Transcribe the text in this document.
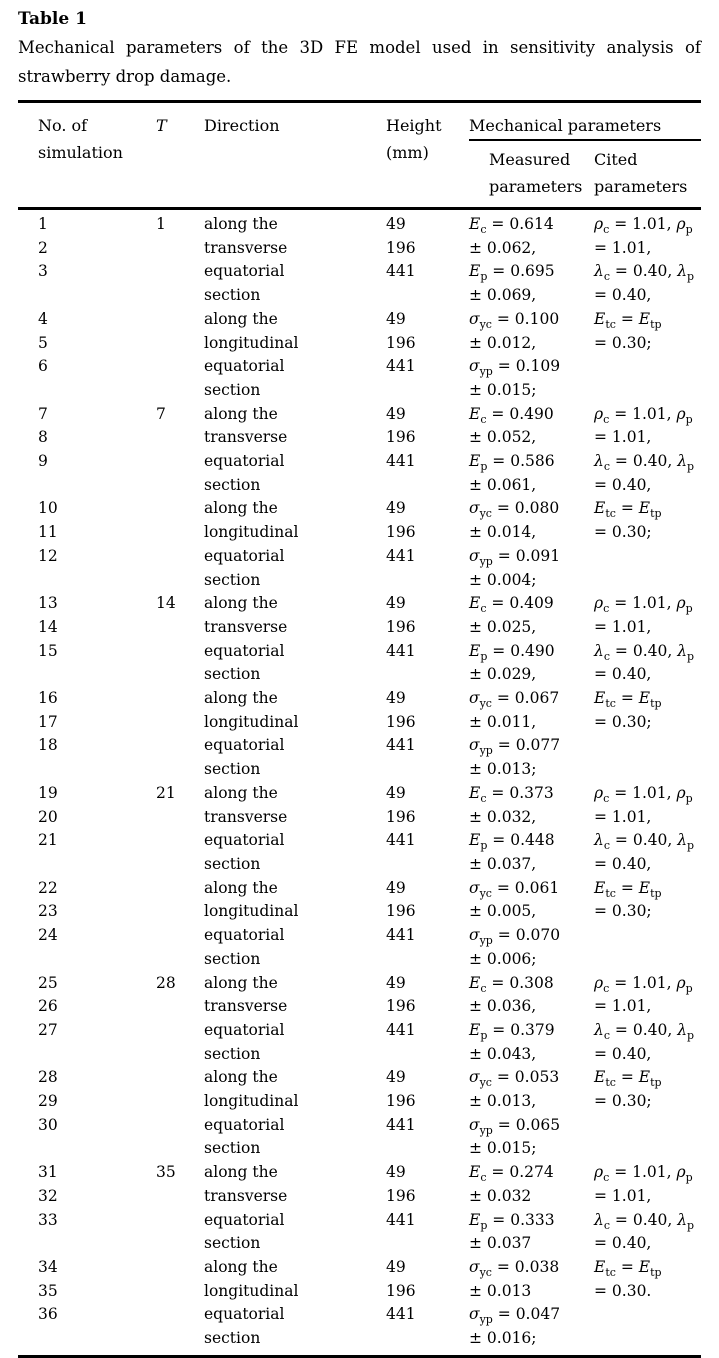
Table 1
Mechanical parameters of the 3D FE model used in sensitivity analysis of
strawberry drop damage.
No. of simulation	T	Direction	Height (mm)	Mechanical parameters	
				Measured parameters	Cited parameters
1	1	along the	49	$E_c = 0.614$	$\rho_c = 1.01$, $\rho_p$
2		transverse	196	± 0.062,	= 1.01,
3		equatorial	441	$E_p = 0.695$	$\lambda_c = 0.40$, $\lambda_p$
		section		± 0.069,	= 0.40,
4		along the	49	$\sigma_{yc} = 0.100$	$E_{tc} = E_{tp}$
5		longitudinal	196	± 0.012,	= 0.30;
6		equatorial	441	$\sigma_{yp} = 0.109$	
		section		± 0.015;	
7	7	along the	49	$E_c = 0.490$	$\rho_c = 1.01$, $\rho_p$
8		transverse	196	± 0.052,	= 1.01,
9		equatorial	441	$E_p = 0.586$	$\lambda_c = 0.40$, $\lambda_p$
		section		± 0.061,	= 0.40,
10		along the	49	$\sigma_{yc} = 0.080$	$E_{tc} = E_{tp}$
11		longitudinal	196	± 0.014,	= 0.30;
12		equatorial	441	$\sigma_{yp} = 0.091$	
		section		± 0.004;	
13	14	along the	49	$E_c = 0.409$	$\rho_c = 1.01$, $\rho_p$
14		transverse	196	± 0.025,	= 1.01,
15		equatorial	441	$E_p = 0.490$	$\lambda_c = 0.40$, $\lambda_p$
		section		± 0.029,	= 0.40,
16		along the	49	$\sigma_{yc} = 0.067$	$E_{tc} = E_{tp}$
17		longitudinal	196	± 0.011,	= 0.30;
18		equatorial	441	$\sigma_{yp} = 0.077$	
		section		± 0.013;	
19	21	along the	49	$E_c = 0.373$	$\rho_c = 1.01$, $\rho_p$
20		transverse	196	± 0.032,	= 1.01,
21		equatorial	441	$E_p = 0.448$	$\lambda_c = 0.40$, $\lambda_p$
		section		± 0.037,	= 0.40,
22		along the	49	$\sigma_{yc} = 0.061$	$E_{tc} = E_{tp}$
23		longitudinal	196	± 0.005,	= 0.30;
24		equatorial	441	$\sigma_{yp} = 0.070$	
		section		± 0.006;	
25	28	along the	49	$E_c = 0.308$	$\rho_c = 1.01$, $\rho_p$
26		transverse	196	± 0.036,	= 1.01,
27		equatorial	441	$E_p = 0.379$	$\lambda_c = 0.40$, $\lambda_p$
		section		± 0.043,	= 0.40,
28		along the	49	$\sigma_{yc} = 0.053$	$E_{tc} = E_{tp}$
29		longitudinal	196	± 0.013,	= 0.30;
30		equatorial	441	$\sigma_{yp} = 0.065$	
		section		± 0.015;	
31	35	along the	49	$E_c = 0.274$	$\rho_c = 1.01$, $\rho_p$
32		transverse	196	± 0.032	= 1.01,
33		equatorial	441	$E_p = 0.333$	$\lambda_c = 0.40$, $\lambda_p$
		section		± 0.037	= 0.40,
34		along the	49	$\sigma_{yc} = 0.038$	$E_{tc} = E_{tp}$
35		longitudinal	196	± 0.013	= 0.30.
36		equatorial	441	$\sigma_{yp} = 0.047$	
		section		± 0.016;	
